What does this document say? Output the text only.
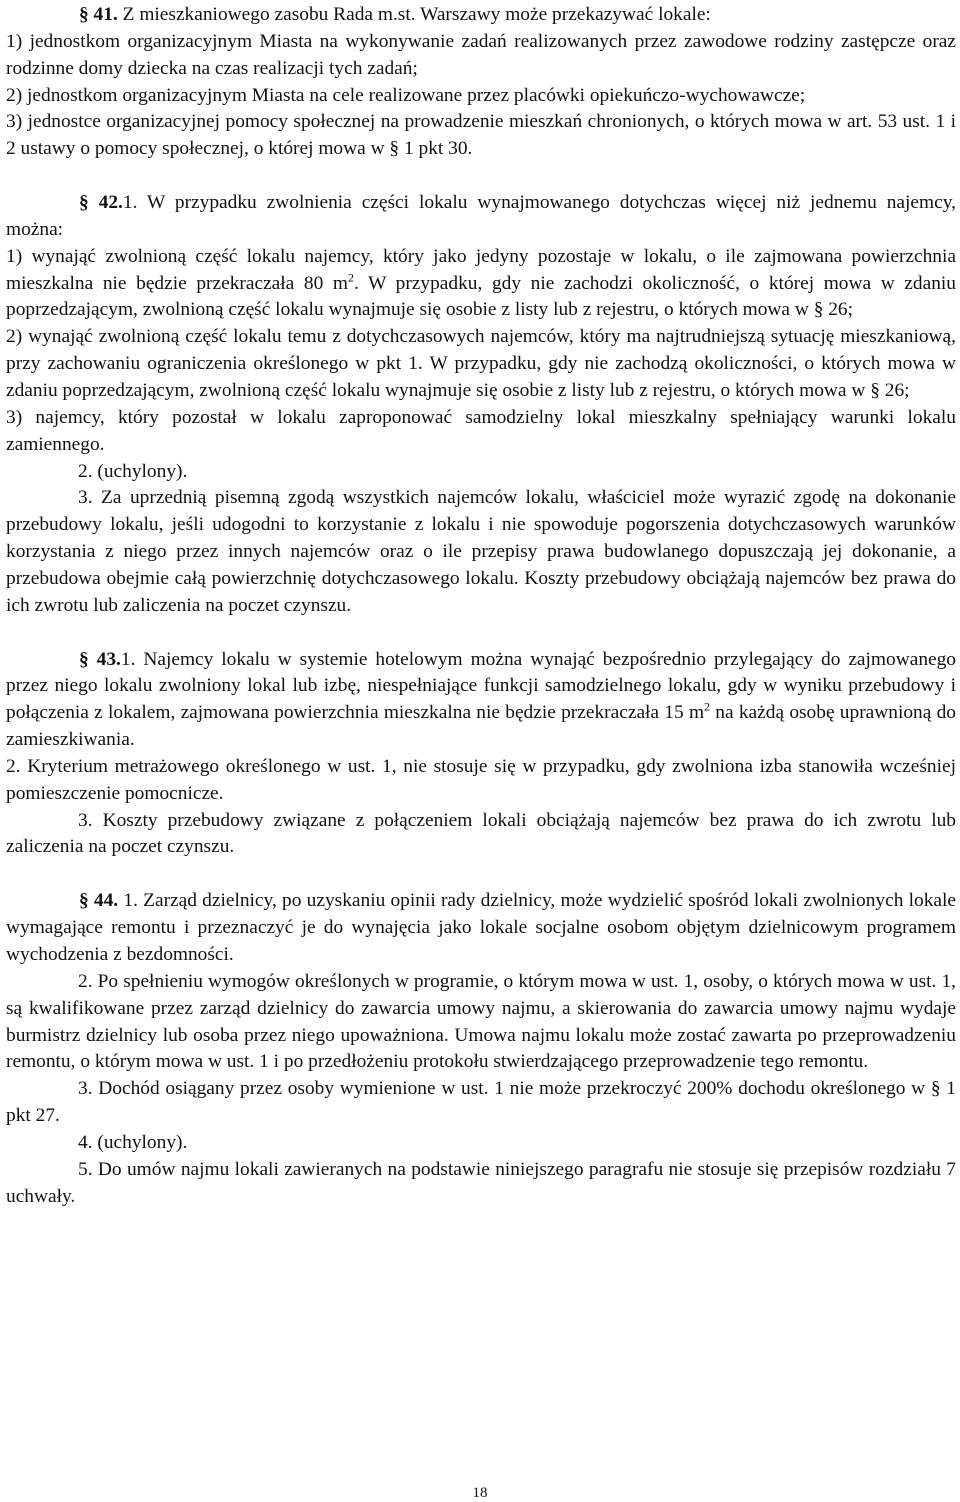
§ 41. Z mieszkaniowego zasobu Rada m.st. Warszawy może przekazywać lokale:

1) jednostkom organizacyjnym Miasta na wykonywanie zadań realizowanych przez zawodowe rodziny zastępcze oraz rodzinne domy dziecka na czas realizacji tych zadań;

2) jednostkom organizacyjnym Miasta na cele realizowane przez placówki opiekuńczo-wychowawcze;

3) jednostce organizacyjnej pomocy społecznej na prowadzenie mieszkań chronionych, o których mowa w art. 53 ust. 1 i 2 ustawy o pomocy społecznej, o której mowa w § 1 pkt 30.

§ 42.1. W przypadku zwolnienia części lokalu wynajmowanego dotychczas więcej niż jednemu najemcy, można:

1) wynająć zwolnioną część lokalu najemcy, który jako jedyny pozostaje w lokalu, o ile zajmowana powierzchnia mieszkalna nie będzie przekraczała 80 $m^2$. W przypadku, gdy nie zachodzi okoliczność, o której mowa w zdaniu poprzedzającym, zwolnioną część lokalu wynajmuje się osobie z listy lub z rejestru, o których mowa w § 26;

2) wynająć zwolnioną część lokalu temu z dotychczasowych najemców, który ma najtrudniejszą sytuację mieszkaniową, przy zachowaniu ograniczenia określonego w pkt 1. W przypadku, gdy nie zachodzą okoliczności, o których mowa w zdaniu poprzedzającym, zwolnioną część lokalu wynajmuje się osobie z listy lub z rejestru, o których mowa w § 26;

3) najemcy, który pozostał w lokalu zaproponować samodzielny lokal mieszkalny spełniający warunki lokalu zamiennego.

2. (uchylony).

3. Za uprzednią pisemną zgodą wszystkich najemców lokalu, właściciel może wyrazić zgodę na dokonanie przebudowy lokalu, jeśli udogodni to korzystanie z lokalu i nie spowoduje pogorszenia dotychczasowych warunków korzystania z niego przez innych najemców oraz o ile przepisy prawa budowlanego dopuszczają jej dokonanie, a przebudowa obejmie całą powierzchnię dotychczasowego lokalu. Koszty przebudowy obciążają najemców bez prawa do ich zwrotu lub zaliczenia na poczet czynszu.

§ 43.1. Najemcy lokalu w systemie hotelowym można wynająć bezpośrednio przylegający do zajmowanego przez niego lokalu zwolniony lokal lub izbę, niespełniające funkcji samodzielnego lokalu, gdy w wyniku przebudowy i połączenia z lokalem, zajmowana powierzchnia mieszkalna nie będzie przekraczała 15 $m^2$ na każdą osobę uprawnioną do zamieszkiwania.

2. Kryterium metrażowego określonego w ust. 1, nie stosuje się w przypadku, gdy zwolniona izba stanowiła wcześniej pomieszczenie pomocnicze.

3. Koszty przebudowy związane z połączeniem lokali obciążają najemców bez prawa do ich zwrotu lub zaliczenia na poczet czynszu.

§ 44. 1. Zarząd dzielnicy, po uzyskaniu opinii rady dzielnicy, może wydzielić spośród lokali zwolnionych lokale wymagające remontu i przeznaczyć je do wynajęcia jako lokale socjalne osobom objętym dzielnicowym programem wychodzenia z bezdomności.

2. Po spełnieniu wymogów określonych w programie, o którym mowa w ust. 1, osoby, o których mowa w ust. 1, są kwalifikowane przez zarząd dzielnicy do zawarcia umowy najmu, a skierowania do zawarcia umowy najmu wydaje burmistrz dzielnicy lub osoba przez niego upoważniona. Umowa najmu lokalu może zostać zawarta po przeprowadzeniu remontu, o którym mowa w ust. 1 i po przedłożeniu protokołu stwierdzającego przeprowadzenie tego remontu.

3. Dochód osiągany przez osoby wymienione w ust. 1 nie może przekroczyć 200% dochodu określonego w § 1 pkt 27.

4. (uchylony).

5. Do umów najmu lokali zawieranych na podstawie niniejszego paragrafu nie stosuje się przepisów rozdziału 7 uchwały.

18
